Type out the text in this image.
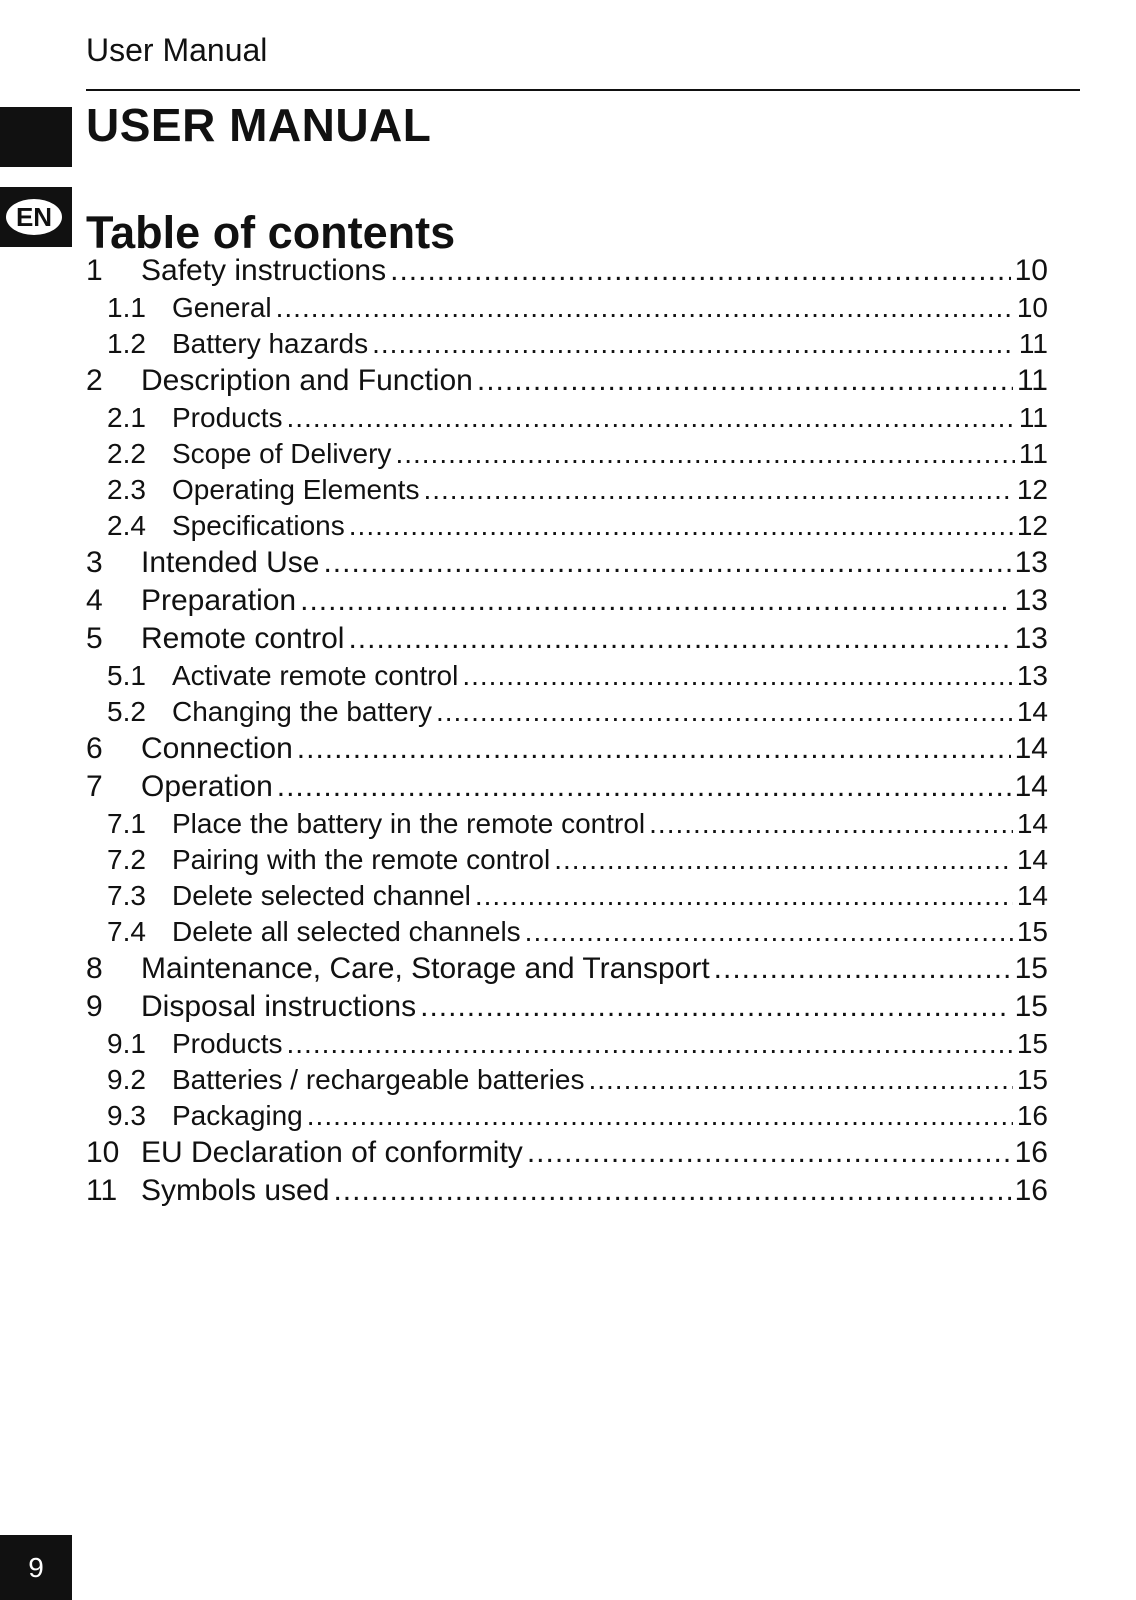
User Manual
EN
USER MANUAL
Table of contents
1	Safety instructions .....	10
1.1 General .....	10
1.2 Battery hazards .....	11
2	Description and Function .....	11
2.1 Products .....	11
2.2 Scope of Delivery .....	11
2.3 Operating Elements .....	12
2.4 Specifications .....	12
3	Intended Use .....	13
4	Preparation .....	13
5	Remote control .....	13
5.1 Activate remote control .....	13
5.2 Changing the battery .....	14
6	Connection .....	14
7	Operation .....	14
7.1 Place the battery in the remote control .....	14
7.2 Pairing with the remote control .....	14
7.3 Delete selected channel .....	14
7.4 Delete all selected channels .....	15
8	Maintenance, Care, Storage and Transport .....	15
9	Disposal instructions .....	15
9.1 Products .....	15
9.2 Batteries / rechargeable batteries .....	15
9.3 Packaging .....	16
10 EU Declaration of conformity .....	16
11 Symbols used .....	16
9
